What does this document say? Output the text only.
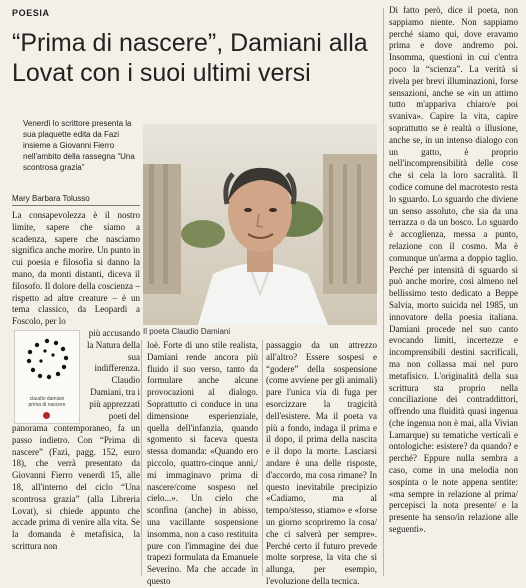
POESIA
“Prima di nascere”, Damiani alla Lovat con i suoi ultimi versi
Venerdì lo scrittore presenta la sua plaquette edita da Fazi insieme a Giovanni Fierro nell'ambito della rassegna “Una scontrosa grazia”
Mary Barbara Tolusso

La consapevolezza è il nostro limite, sapere che siamo a scadenza, sapere che nasciamo significa anche morire. Un punto in cui poesia e filosofia si danno la mano, da monti distanti, diceva il filosofo. Il dolore della coscienza – rispetto ad altre creature – è un tema classico, da Leopardi a Foscolo, per lo

claudio damiani
prima di nascere

più accusando la Natura della sua indifferenza. Claudio Damiani, tra i più apprezzati poeti del

panorama contemporaneo, fa un passo indietro. Con “Prima di nascere” (Fazi, pagg. 152, euro 18), che verrà presentato da Giovanni Fierro venerdì 15, alle 18, all'interno del ciclo “Una scontrosa grazia” (alla Libreria Lovat), si chiede appunto che accade prima di venire alla vita. Se la domanda è metafisica, la scrittura non

Il poeta Claudio Damiani

loè. Forte di uno stile realista, Damiani rende ancora più fluido il suo verso, tanto da formulare anche alcune provocazioni al dialogo. Soprattutto ci conduce in una dimensione esperienziale, quella dell'infanzia, quando sgomento si faceva questa stessa domanda: «Quando ero piccolo, quattro-cinque anni,/ mi immaginavo prima di nascere/come sospeso nel cielo...». Un cielo che sconfina (anche) in abisso, una vacillante sospensione insomma, non a caso restituita pure con l'immagine dei due trapezi formulata da Emanuele Severino. Ma che accade in questo

passaggio da un attrezzo all'altro? Essere sospesi e “godere” della sospensione (come avviene per gli animali) pare l'unica via di fuga per esorcizzare la tragicità dell'esistere. Ma il poeta va più a fondo, indaga il prima e il dopo, il prima della nascita e il dopo la morte. Lasciarsi andare è una delle risposte, d'accordo, ma cosa rimane? In questo inevitabile precipizio «Cadiamo, ma al tempo/stesso, stiamo» e «forse un giorno scopriremo la cosa/ che ci salverà per sempre». Perché certo il futuro prevede molte sorprese, la vita che si allunga, per esempio, l'evoluzione della tecnica.

Di fatto però, dice il poeta, non sappiamo niente. Non sappiamo perché siamo qui, dove eravamo prima e dove andremo poi. Insomma, questioni in cui c'entra poco la “scienza”. La verità si rivela per brevi illuminazioni, forse sensazioni, anche se «in un attimo tutto m'appariva chiaro/e poi svaniva». Capire la vita, capire soprattutto se è realtà o illusione, anche se, in un intenso dialogo con un gatto, è proprio nell'incomprensibilità delle cose che si cela la loro sacralità. Il codice comune del macrotesto resta lo sguardo. Lo sguardo che diviene un senso assoluto, che sia da una terrazza o da un bosco. Lo sguardo è accoglienza, messa a punto, relazione con il cosmo. Ma è comunque un'arma a doppio taglio. Perché per intensità di sguardo si può anche morire, così almeno nel bellissimo testo dedicato a Beppe Salvia, morto suicida nel 1985, un innovatore della poesia italiana. Damiani procede nel suo canto evocando limiti, incertezze e incomprensibili destini sacrificali, ma non collassa mai nel puro metafisico. L'originalità della sua scrittura sta proprio nella conciliazione dei contraddittori, offrendo una fluidità quasi ingenua (che ingenua non è mai, alla Vivian Lamarque) su tematiche verticali e ontologiche: esistere? da quando? e perché? Eppure nulla sembra a caso, come in una melodia non sospinta o le note appena sentite: «ma sempre in relazione al prima/ percepisci la nota presente/ e la presente ha senso/in relazione alle seguenti».
